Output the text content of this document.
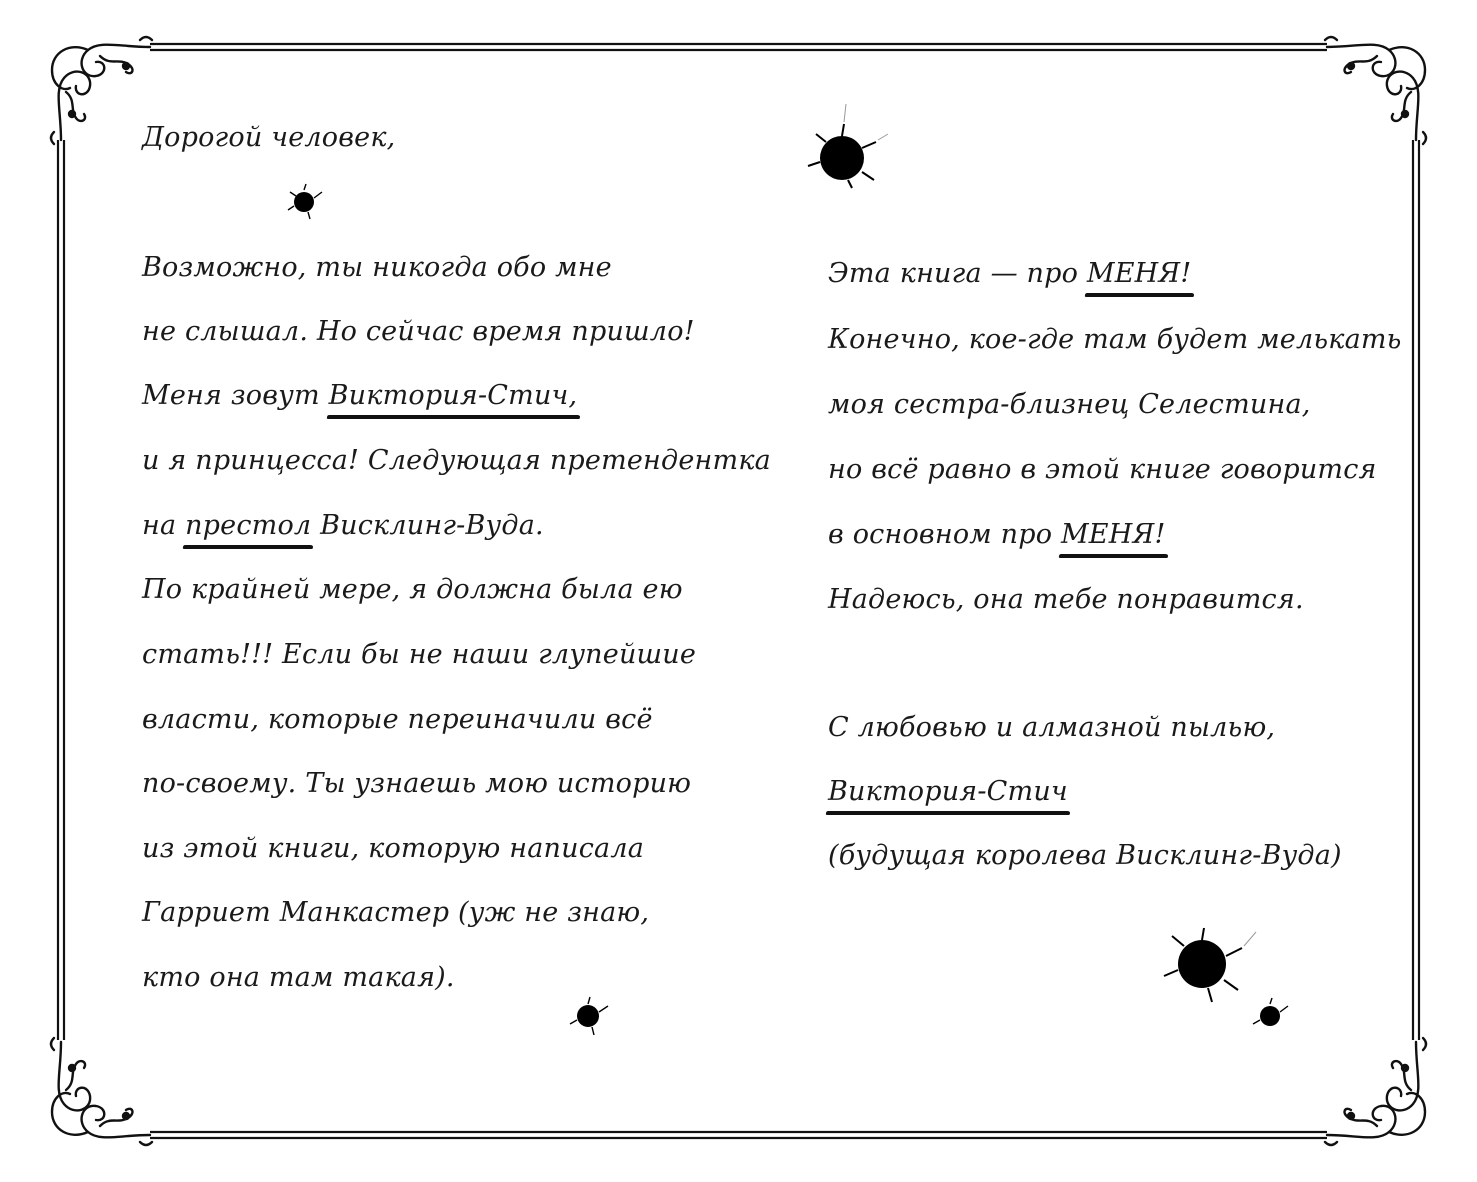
Дорогой человек,
Возможно, ты никогда обо мне
не слышал. Но сейчас время пришло!
Меня зовут Виктория-Стич,
и я принцесса! Следующая претендентка
на престол Висклинг-Вуда.
По крайней мере, я должна была ею
стать!!! Если бы не наши глупейшие
власти, которые переиначили всё
по-своему. Ты узнаешь мою историю
из этой книги, которую написала
Гарриет Манкастер (уж не знаю,
кто она там такая).
Эта книга — про МЕНЯ!
Конечно, кое-где там будет мелькать
моя сестра-близнец Селестина,
но всё равно в этой книге говорится
в основном про МЕНЯ!
Надеюсь, она тебе понравится.
С любовью и алмазной пылью,
Виктория-Стич
(будущая королева Висклинг-Вуда)
